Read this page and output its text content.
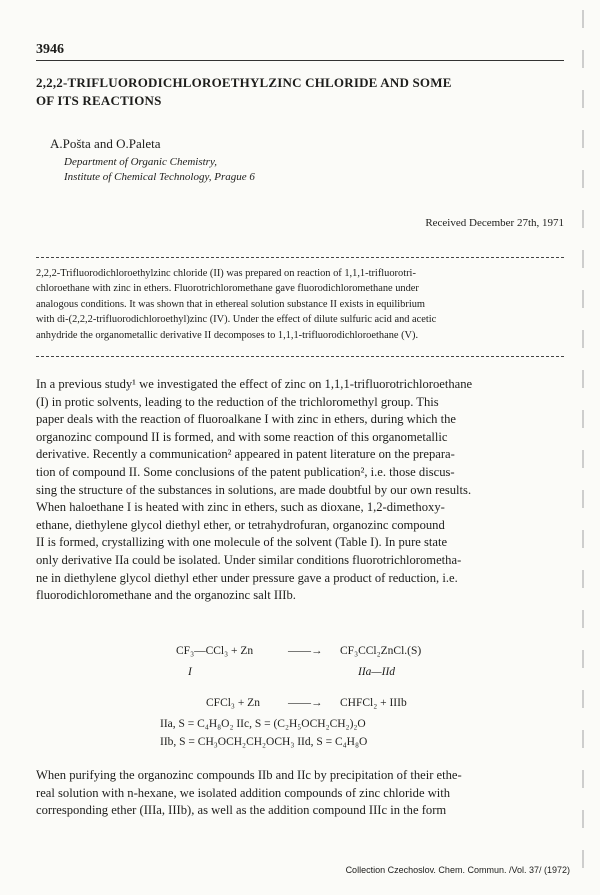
3946
2,2,2-TRIFLUORODICHLOROETHYLZINC CHLORIDE AND SOME
OF ITS REACTIONS
A.Pošta and O.Paleta
Department of Organic Chemistry,
Institute of Chemical Technology, Prague 6
Received December 27th, 1971
2,2,2-Trifluorodichloroethylzinc chloride (II) was prepared on reaction of 1,1,1-trifluorotri-
chloroethane with zinc in ethers. Fluorotrichloromethane gave fluorodichloromethane under
analogous conditions. It was shown that in ethereal solution substance II exists in equilibrium
with di-(2,2,2-trifluorodichloroethyl)zinc (IV). Under the effect of dilute sulfuric acid and acetic
anhydride the organometallic derivative II decomposes to 1,1,1-trifluorodichloroethane (V).
In a previous study¹ we investigated the effect of zinc on 1,1,1-trifluorotrichloroethane
(I) in protic solvents, leading to the reduction of the trichloromethyl group. This
paper deals with the reaction of fluoroalkane I with zinc in ethers, during which the
organozinc compound II is formed, and with some reaction of this organometallic
derivative. Recently a communication² appeared in patent literature on the prepara-
tion of compound II. Some conclusions of the patent publication², i.e. those discus-
sing the structure of the substances in solutions, are made doubtful by our own results.
When haloethane I is heated with zinc in ethers, such as dioxane, 1,2-dimethoxy-
ethane, diethylene glycol diethyl ether, or tetrahydrofuran, organozinc compound
II is formed, crystallizing with one molecule of the solvent (Table I). In pure state
only derivative IIa could be isolated. Under similar conditions fluorotrichlorometha-
ne in diethylene glycol diethyl ether under pressure gave a product of reduction, i.e.
fluorodichloromethane and the organozinc salt IIIb.
CF₃—CCl₃ + Zn	——→ CF₃CCl₂ZnCl.(S)
I	IIa—IId
CFCl₃ + Zn ——→ CHFCl₂ + IIIb
IIa, S = C₄H₈O₂ IIc, S = (C₂H₅OCH₂CH₂)₂O
IIb, S = CH₃OCH₂CH₂OCH₃ IId, S = C₄H₈O
When purifying the organozinc compounds IIb and IIc by precipitation of their ethe-
real solution with n-hexane, we isolated addition compounds of zinc chloride with
corresponding ether (IIIa, IIIb), as well as the addition compound IIIc in the form
Collection Czechoslov. Chem. Commun. /Vol. 37/ (1972)
